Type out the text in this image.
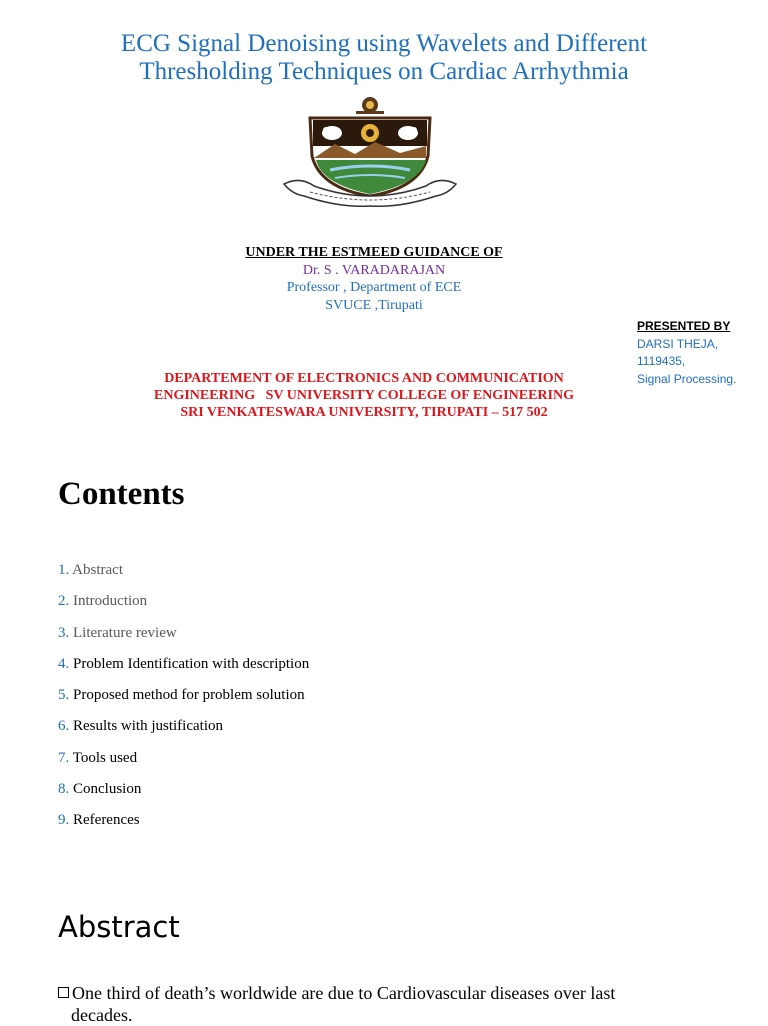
ECG Signal Denoising using Wavelets and Different
Thresholding Techniques on Cardiac Arrhythmia
UNDER THE ESTMEED GUIDANCE OF
Dr. S . VARADARAJAN
Professor , Department of ECE
SVUCE ,Tirupati
PRESENTED BY
DARSI THEJA,
1119435,
Signal Processing.
DEPARTEMENT OF ELECTRONICS AND COMMUNICATION
ENGINEERING   SV UNIVERSITY COLLEGE OF ENGINEERING
SRI VENKATESWARA UNIVERSITY, TIRUPATI – 517 502
Contents
1. Abstract
2. Introduction
3. Literature review
4. Problem Identification with description
5. Proposed method for problem solution
6. Results with justification
7. Tools used
8. Conclusion
9. References
Abstract
One third of death’s worldwide are due to Cardiovascular diseases over last
decades.
